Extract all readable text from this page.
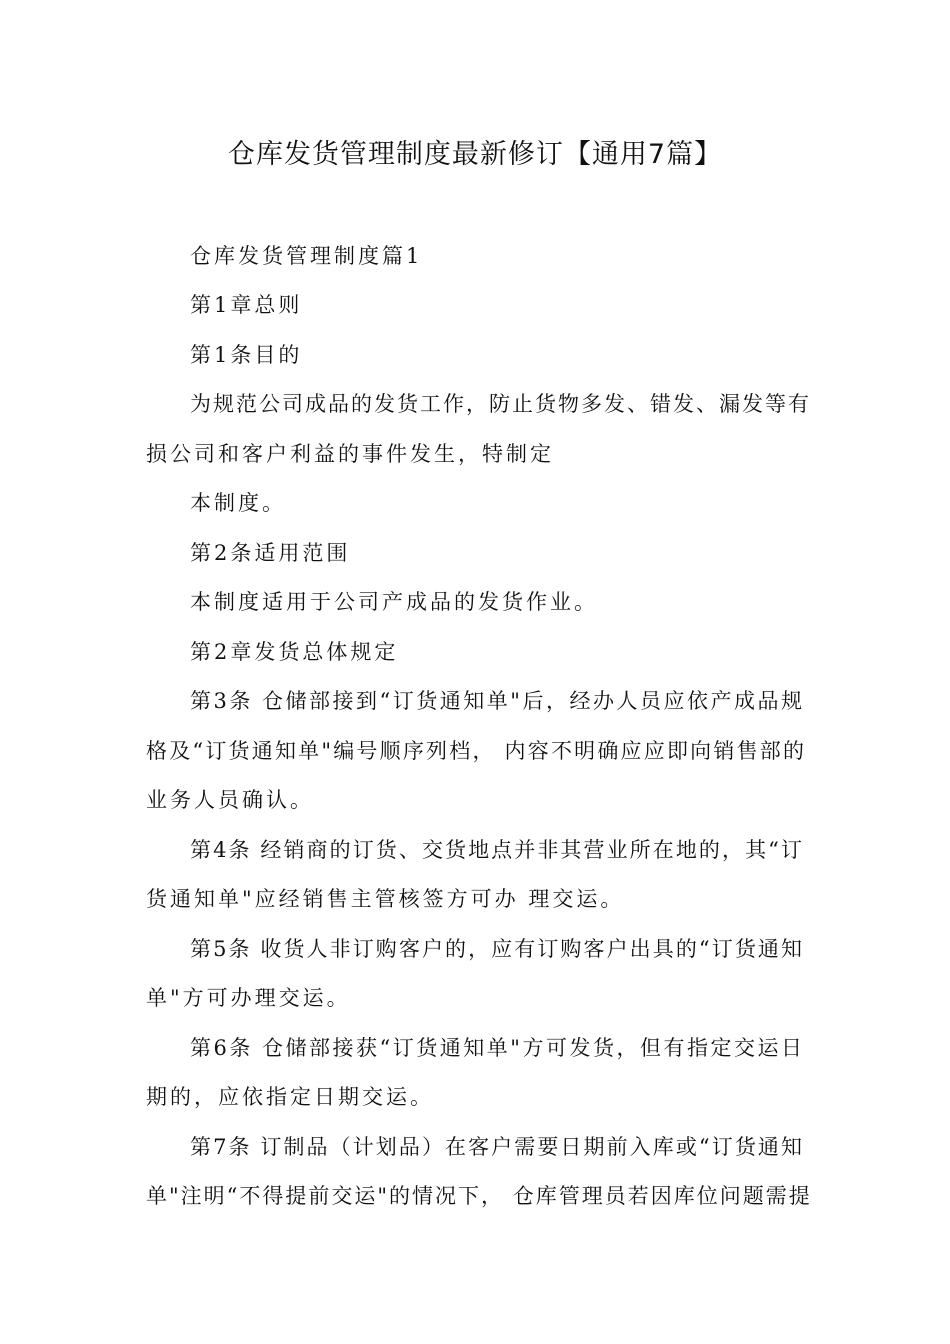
仓库发货管理制度最新修订【通用7篇】

仓库发货管理制度篇1

第1章总则

第1条目的

为规范公司成品的发货工作，防止货物多发、错发、漏发等有

损公司和客户利益的事件发生，特制定

本制度。

第2条适用范围

本制度适用于公司产成品的发货作业。

第2章发货总体规定

第3条 仓储部接到“订货通知单"后，经办人员应依产成品规

格及“订货通知单"编号顺序列档， 内容不明确应应即向销售部的

业务人员确认。

第4条 经销商的订货、交货地点并非其营业所在地的，其“订

货通知单"应经销售主管核签方可办 理交运。

第5条 收货人非订购客户的，应有订购客户出具的“订货通知

单"方可办理交运。

第6条 仓储部接获“订货通知单"方可发货，但有指定交运日

期的，应依指定日期交运。

第7条 订制品（计划品）在客户需要日期前入库或“订货通知

单"注明“不得提前交运"的情况下， 仓库管理员若因库位问题需提
